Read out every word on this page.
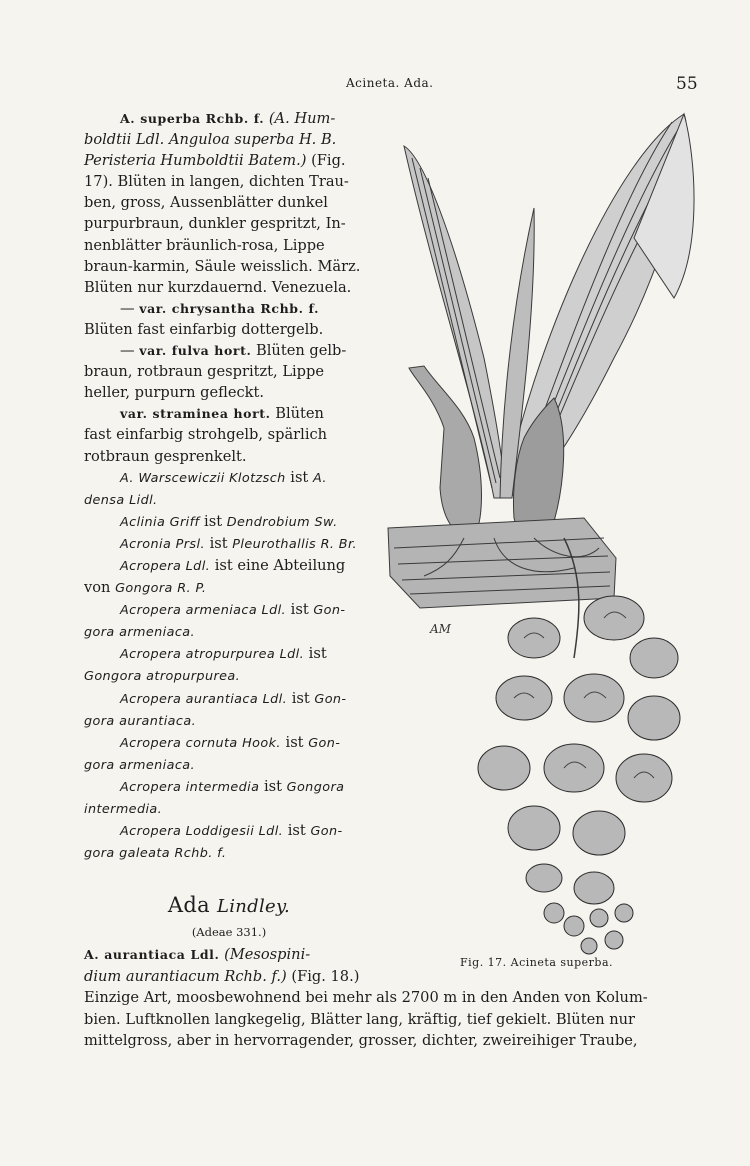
Acineta. Ada.	55

A. superba Rchb. f. (A. Hum-

boldtii Ldl. Anguloa superba H. B.

Peristeria Humboldtii Batem.) (Fig.

17). Blüten in langen, dichten Trau-

ben, gross, Aussenblätter dunkel

purpurbraun, dunkler gespritzt, In-

nenblätter bräunlich-rosa, Lippe

braun-karmin, Säule weisslich. März.

Blüten nur kurzdauernd. Venezuela.

— var. chrysantha Rchb. f.

Blüten fast einfarbig dottergelb.

— var. fulva hort. Blüten gelb-

braun, rotbraun gespritzt, Lippe

heller, purpurn gefleckt.

var. straminea hort. Blüten

fast einfarbig strohgelb, spärlich

rotbraun gesprenkelt.

A. Warscewiczii Klotzsch ist A.

densa Lidl.

Aclinia Griff ist Dendrobium Sw.

Acronia Prsl. ist Pleurothallis R. Br.

Acropera Ldl. ist eine Abteilung

von Gongora R. P.

Acropera armeniaca Ldl. ist Gon-

gora armeniaca.

Acropera atropurpurea Ldl. ist

Gongora atropurpurea.

Acropera aurantiaca Ldl. ist Gon-

gora aurantiaca.

Acropera cornuta Hook. ist Gon-

gora armeniaca.

Acropera intermedia ist Gongora

intermedia.

Acropera Loddigesii Ldl. ist Gon-

gora galeata Rchb. f.

Ada Lindley.
(Adeae 331.)

A. aurantiaca Ldl. (Mesospini-

dium aurantiacum Rchb. f.) (Fig. 18.)

Einzige Art, moosbewohnend bei mehr als 2700 m in den Anden von Kolum-

bien. Luftknollen langkegelig, Blätter lang, kräftig, tief gekielt. Blüten nur

mittelgross, aber in hervorragender, grosser, dichter, zweireihiger Traube,

Fig. 17. Acineta superba.
AM
